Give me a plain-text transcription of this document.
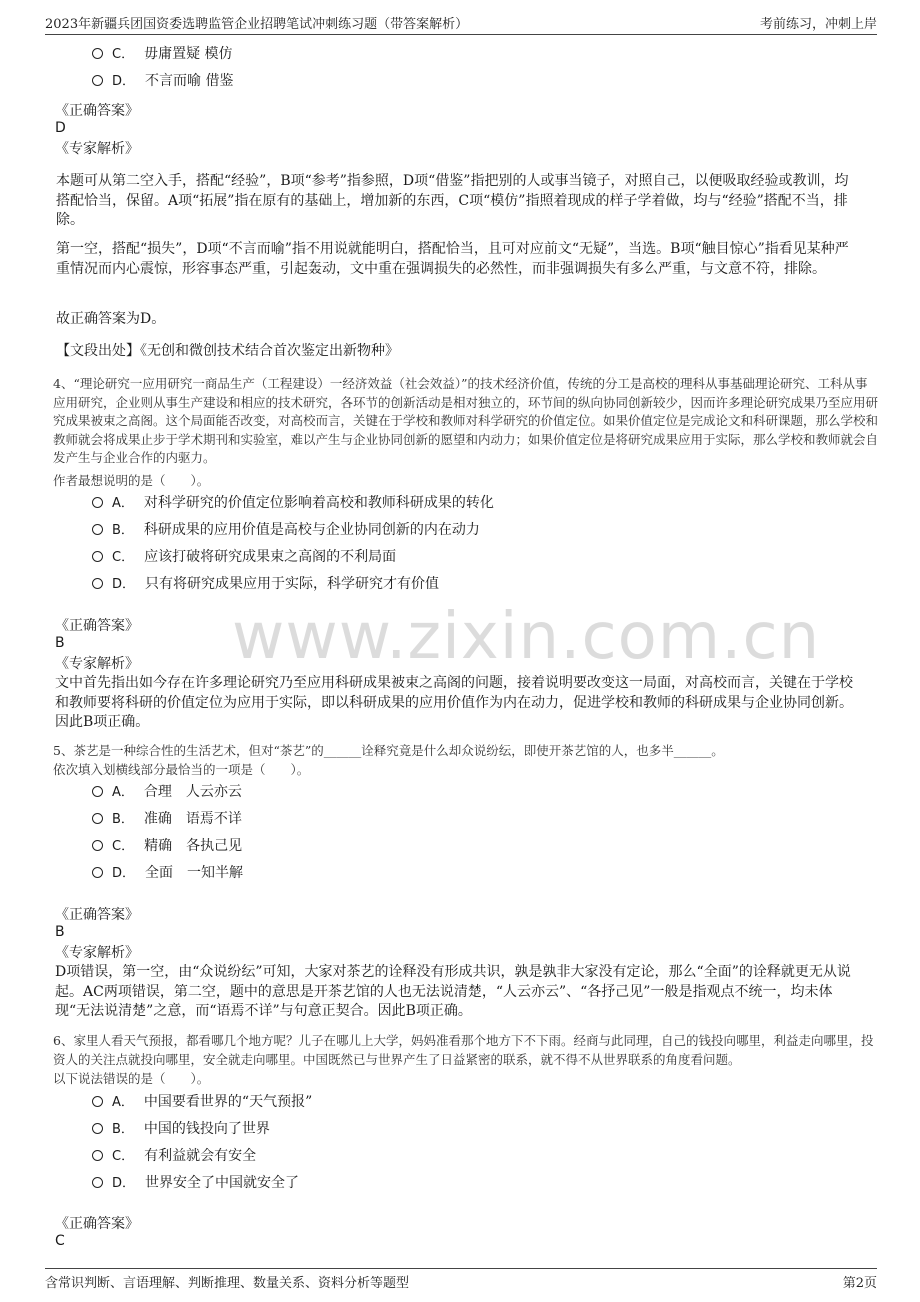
2023年新疆兵团国资委选聘监管企业招聘笔试冲刺练习题（带答案解析）	考前练习，冲刺上岸
www.zixin.com.cn
C． 毋庸置疑 模仿
D． 不言而喻 借鉴
《正确答案》
D
《专家解析》
本题可从第二空入手，搭配“经验”，B项“参考”指参照，D项“借鉴”指把别的人或事当镜子，对照自己，以便吸取经验或教训，均搭配恰当，保留。A项“拓展”指在原有的基础上，增加新的东西，C项“模仿”指照着现成的样子学着做，均与“经验”搭配不当，排除。
第一空，搭配“损失”，D项“不言而喻”指不用说就能明白，搭配恰当，且可对应前文“无疑”，当选。B项“触目惊心”指看见某种严重情况而内心震惊，形容事态严重，引起轰动，文中重在强调损失的必然性，而非强调损失有多么严重，与文意不符，排除。
故正确答案为D。
【文段出处】《无创和微创技术结合首次鉴定出新物种》
4、“理论研究一应用研究一商品生产（工程建设）一经济效益（社会效益）”的技术经济价值，传统的分工是高校的理科从事基础理论研究、工科从事应用研究，企业则从事生产建设和相应的技术研究，各环节的创新活动是相对独立的，环节间的纵向协同创新较少，因而许多理论研究成果乃至应用研究成果被束之高阁。这个局面能否改变，对高校而言，关键在于学校和教师对科学研究的价值定位。如果价值定位是完成论文和科研课题，那么学校和教师就会将成果止步于学术期刊和实验室，难以产生与企业协同创新的愿望和内动力；如果价值定位是将研究成果应用于实际，那么学校和教师就会自发产生与企业合作的内驱力。
作者最想说明的是（　　）。
A． 对科学研究的价值定位影响着高校和教师科研成果的转化
B． 科研成果的应用价值是高校与企业协同创新的内在动力
C． 应该打破将研究成果束之高阁的不利局面
D． 只有将研究成果应用于实际，科学研究才有价值
《正确答案》
B
《专家解析》
文中首先指出如今存在许多理论研究乃至应用科研成果被束之高阁的问题，接着说明要改变这一局面，对高校而言，关键在于学校和教师要将科研的价值定位为应用于实际，即以科研成果的应用价值作为内在动力，促进学校和教师的科研成果与企业协同创新。因此B项正确。
5、茶艺是一种综合性的生活艺术，但对“茶艺”的______诠释究竟是什么却众说纷纭，即使开茶艺馆的人，也多半______。
依次填入划横线部分最恰当的一项是（　　）。
A． 合理　人云亦云
B． 准确　语焉不详
C． 精确　各执己见
D． 全面　一知半解
《正确答案》
B
《专家解析》
D项错误，第一空，由“众说纷纭”可知，大家对茶艺的诠释没有形成共识，孰是孰非大家没有定论，那么“全面”的诠释就更无从说起。AC两项错误，第二空，题中的意思是开茶艺馆的人也无法说清楚，“人云亦云”、“各抒己见”一般是指观点不统一，均未体现“无法说清楚”之意，而“语焉不详”与句意正契合。因此B项正确。
6、家里人看天气预报，都看哪几个地方呢？儿子在哪儿上大学，妈妈准看那个地方下不下雨。经商与此同理，自己的钱投向哪里，利益走向哪里，投资人的关注点就投向哪里，安全就走向哪里。中国既然已与世界产生了日益紧密的联系，就不得不从世界联系的角度看问题。
以下说法错误的是（　　）。
A． 中国要看世界的“天气预报”
B． 中国的钱投向了世界
C． 有利益就会有安全
D． 世界安全了中国就安全了
《正确答案》
C
含常识判断、言语理解、判断推理、数量关系、资料分析等题型	第2页
